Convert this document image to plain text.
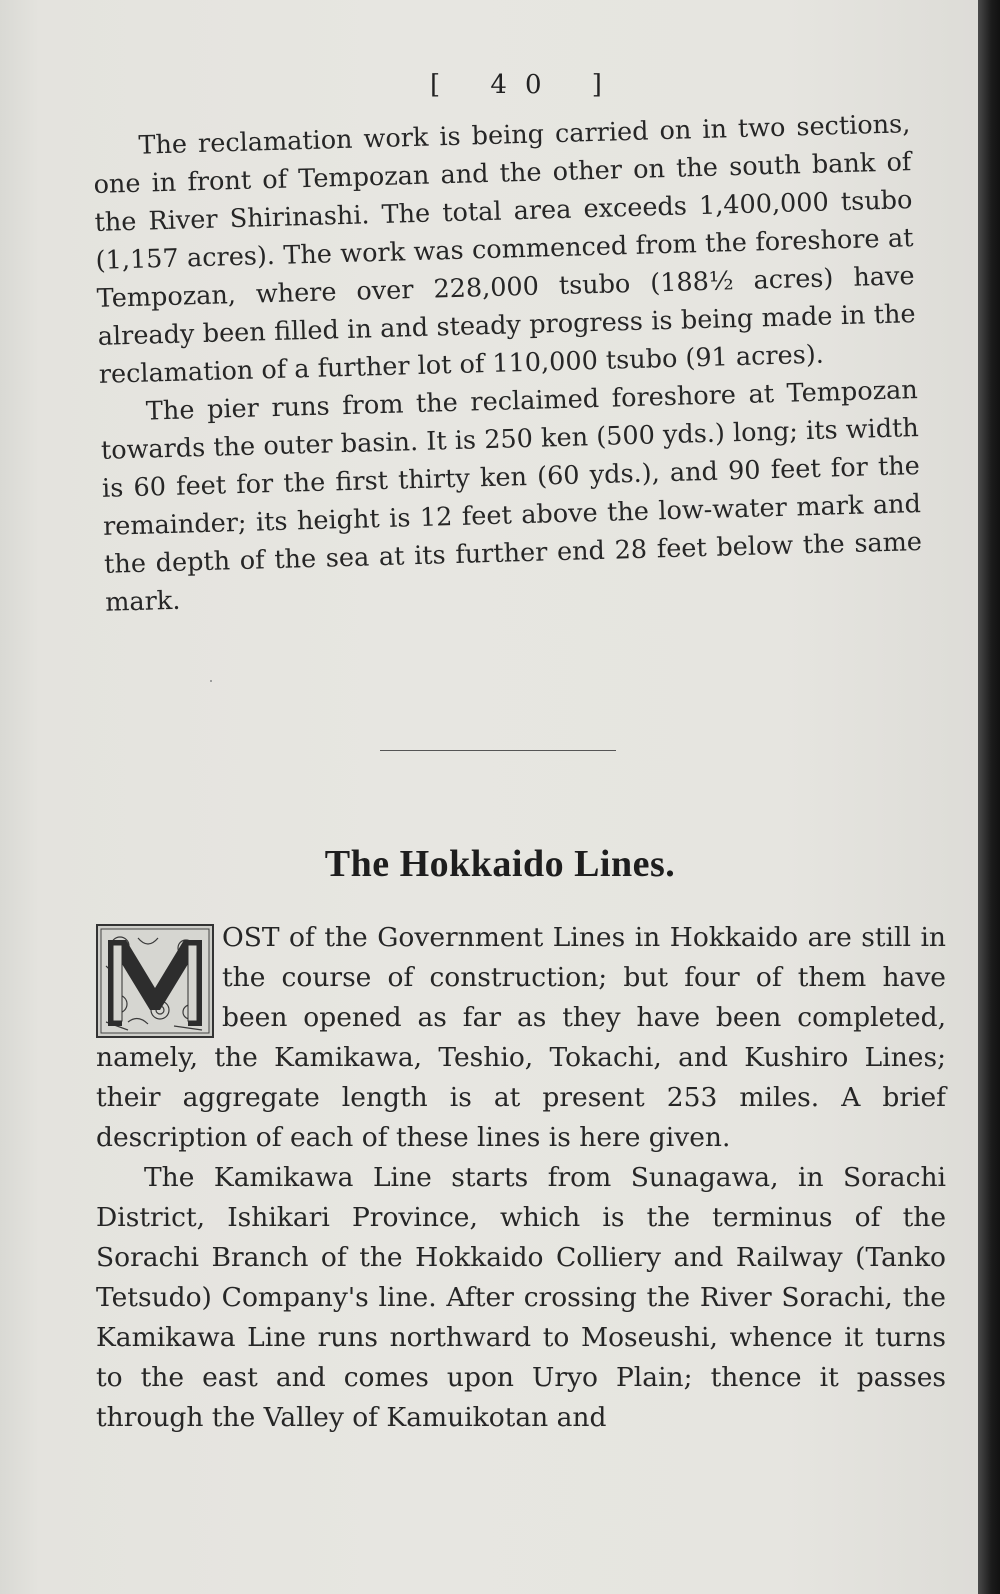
[ 40 ]

The reclamation work is being carried on in two sections, one in front of Tempozan and the other on the south bank of the River Shirinashi. The total area exceeds 1,400,000 tsubo (1,157 acres). The work was commenced from the foreshore at Tempozan, where over 228,000 tsubo (188½ acres) have already been filled in and steady progress is being made in the reclamation of a further lot of 110,000 tsubo (91 acres).

The pier runs from the reclaimed foreshore at Tempozan towards the outer basin. It is 250 ken (500 yds.) long; its width is 60 feet for the first thirty ken (60 yds.), and 90 feet for the remainder; its height is 12 feet above the low-water mark and the depth of the sea at its further end 28 feet below the same mark.

The Hokkaido Lines.

OST of the Government Lines in Hokkaido are still in the course of construction; but four of them have been opened as far as they have been completed, namely, the Kamikawa, Teshio, Tokachi, and Kushiro Lines; their aggregate length is at present 253 miles. A brief description of each of these lines is here given.

The Kamikawa Line starts from Sunagawa, in Sorachi District, Ishikari Province, which is the terminus of the Sorachi Branch of the Hokkaido Colliery and Railway (Tanko Tetsudo) Company's line. After crossing the River Sorachi, the Kamikawa Line runs northward to Moseushi, whence it turns to the east and comes upon Uryo Plain; thence it passes through the Valley of Kamuikotan and
